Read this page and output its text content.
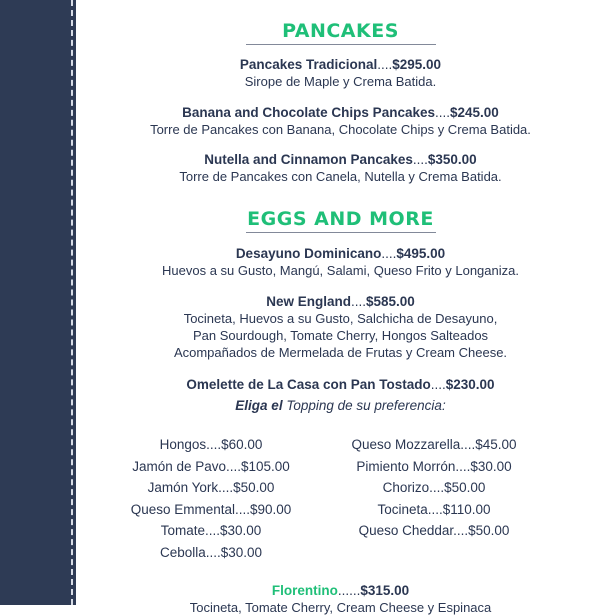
PANCAKES
Pancakes Tradicional....$295.00
Sirope de Maple y Crema Batida.
Banana and Chocolate Chips Pancakes....$245.00
Torre de Pancakes con Banana, Chocolate Chips y Crema Batida.
Nutella and Cinnamon Pancakes....$350.00
Torre de Pancakes con Canela, Nutella y Crema Batida.
EGGS AND MORE
Desayuno Dominicano....$495.00
Huevos a su Gusto, Mangú, Salami, Queso Frito y Longaniza.
New England....$585.00
Tocineta, Huevos a su Gusto, Salchicha de Desayuno,
Pan Sourdough, Tomate Cherry, Hongos Salteados
Acompañados de Mermelada de Frutas y Cream Cheese.
Omelette de La Casa con Pan Tostado....$230.00
Eliga el Topping de su preferencia:
Hongos....$60.00
Jamón de Pavo....$105.00
Jamón York....$50.00
Queso Emmental....$90.00
Tomate....$30.00
Cebolla....$30.00
Queso Mozzarella....$45.00
Pimiento Morrón....$30.00
Chorizo....$50.00
Tocineta....$110.00
Queso Cheddar....$50.00
Florentino......$315.00
Tocineta, Tomate Cherry, Cream Cheese y Espinaca
